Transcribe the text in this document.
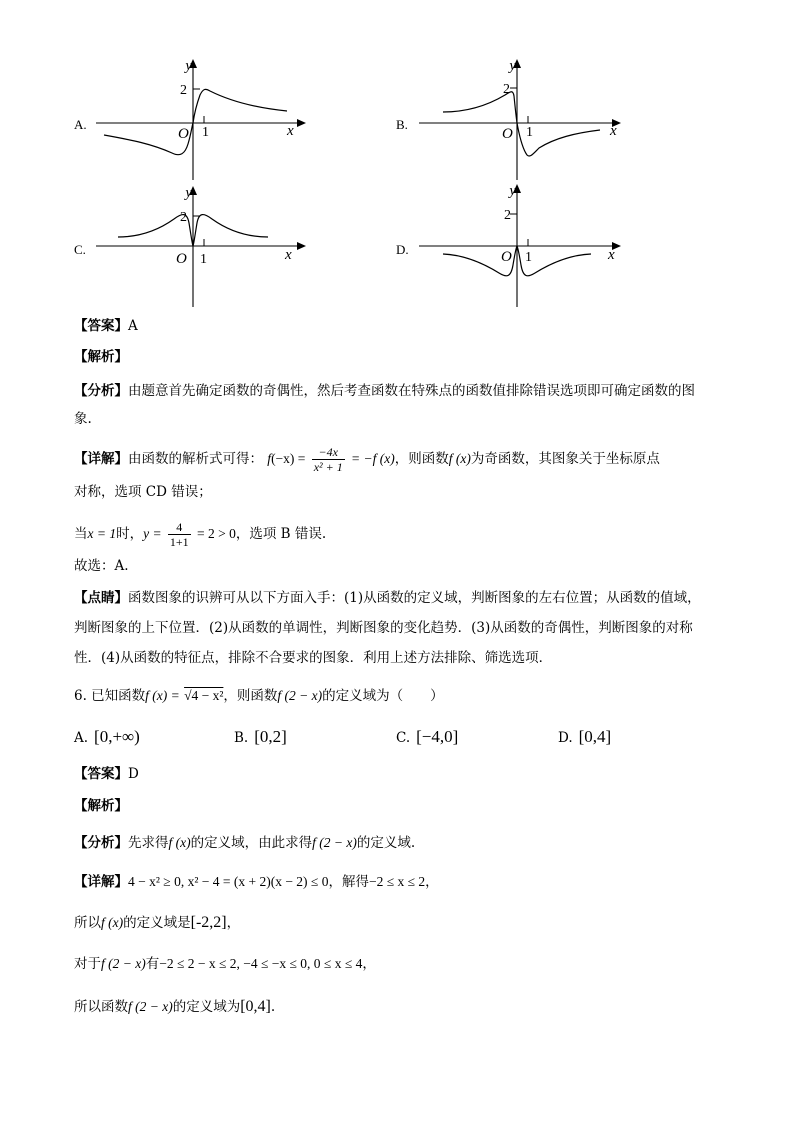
A.
y
x
O 1
2
B.
y
x
O 1
2
C.
y
x
O 1
2
D.
y
x
O 1
2
【答案】A
【解析】
【分析】由题意首先确定函数的奇偶性，然后考查函数在特殊点的函数值排除错误选项即可确定函数的图
象.
【详解】由函数的解析式可得： $f(-x) = \frac{-4x}{\text{x² + 1}} = -f$ (x)，则函数f (x)为奇函数，其图象关于坐标原点
对称，选项 CD 错误；
当x = 1时，$y = \frac{4}{1+1} = 2 > 0$，选项 B 错误.
故选：A.
【点睛】函数图象的识辨可从以下方面入手：(1)从函数的定义域，判断图象的左右位置；从函数的值域，
判断图象的上下位置．(2)从函数的单调性，判断图象的变化趋势．(3)从函数的奇偶性，判断图象的对称
性．(4)从函数的特征点，排除不合要求的图象．利用上述方法排除、筛选选项．
6. 已知函数f (x) = √4 − x²，则函数f (2 − x)的定义域为（　　）
A. [0,+∞)	B. [0,2]	C. [−4,0]	D. [0,4]
【答案】D
【解析】
【分析】先求得f (x)的定义域，由此求得f (2 − x)的定义域.
【详解】4 − x² ≥ 0, x² − 4 = (x + 2)(x − 2) ≤ 0，解得−2 ≤ x ≤ 2，
所以f (x)的定义域是[-2,2]，
对于f (2 − x)有−2 ≤ 2 − x ≤ 2, −4 ≤ −x ≤ 0, 0 ≤ x ≤ 4，
所以函数f (2 − x)的定义域为[0,4].
